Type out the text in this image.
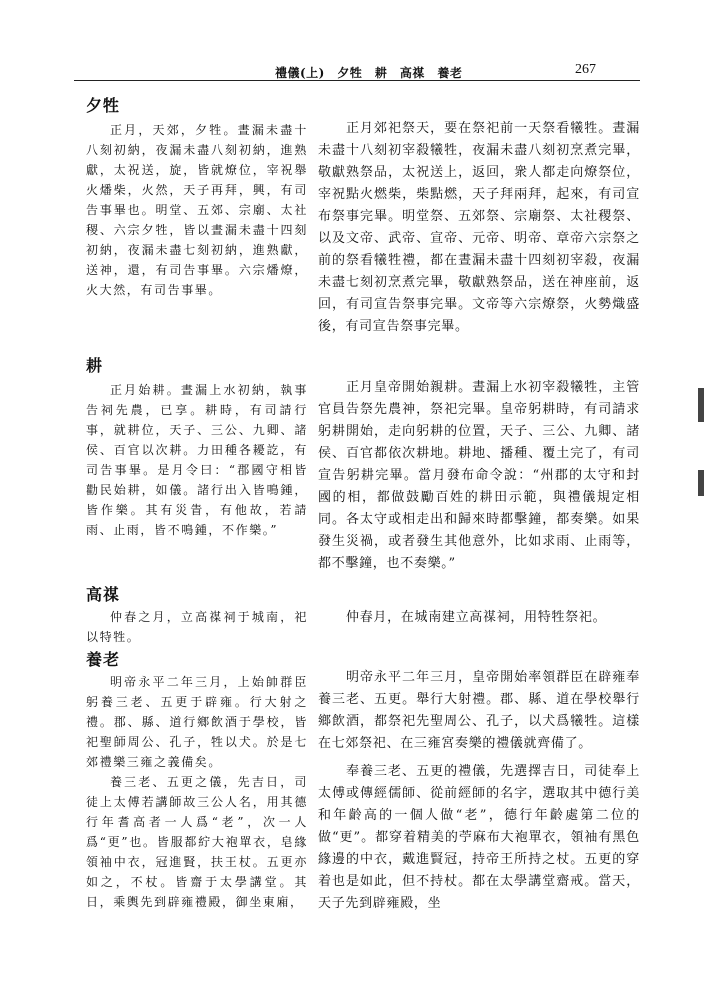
禮儀(上)　夕牲　耕　高禖　養老	267
夕牲

正月，天郊，夕牲。晝漏未盡十八刻初納，夜漏未盡八刻初納，進熟獻，太祝送，旋，皆就燎位，宰祝舉火燔柴，火然，天子再拜，興，有司告事畢也。明堂、五郊、宗廟、太社稷、六宗夕牲，皆以晝漏未盡十四刻初納，夜漏未盡七刻初納，進熟獻，送神，還，有司告事畢。六宗燔燎，火大然，有司告事畢。

耕

正月始耕。晝漏上水初納，執事告祠先農，已享。耕時，有司請行事，就耕位，天子、三公、九卿、諸侯、百官以次耕。力田種各耰訖，有司告事畢。是月令曰：“郡國守相皆勸民始耕，如儀。諸行出入皆鳴鍾，皆作樂。其有災眚，有他故，若請雨、止雨，皆不鳴鍾，不作樂。”

高禖

仲春之月，立高禖祠于城南，祀以特牲。

養老

明帝永平二年三月，上始帥群臣躬養三老、五更于辟雍。行大射之禮。郡、縣、道行鄉飲酒于學校，皆祀聖師周公、孔子，牲以犬。於是七郊禮樂三雍之義備矣。

養三老、五更之儀，先吉日，司徒上太傅若講師故三公人名，用其德行年耆高者一人爲“老”，次一人爲“更”也。皆服都紵大袍單衣，皂緣領袖中衣，冠進賢，扶王杖。五更亦如之，不杖。皆齋于太學講堂。其日，乘輿先到辟雍禮殿，御坐東廂，

正月郊祀祭天，要在祭祀前一天祭看犧牲。晝漏未盡十八刻初宰殺犧牲，夜漏未盡八刻初烹煮完畢，敬獻熟祭品，太祝送上，返回，衆人都走向燎祭位，宰祝點火燃柴，柴點燃，天子拜兩拜，起來，有司宣布祭事完畢。明堂祭、五郊祭、宗廟祭、太社稷祭、以及文帝、武帝、宣帝、元帝、明帝、章帝六宗祭之前的祭看犧牲禮，都在晝漏未盡十四刻初宰殺，夜漏未盡七刻初烹煮完畢，敬獻熟祭品，送在神座前，返回，有司宣告祭事完畢。文帝等六宗燎祭，火勢熾盛後，有司宣告祭事完畢。

正月皇帝開始親耕。晝漏上水初宰殺犧牲，主管官員告祭先農神，祭祀完畢。皇帝躬耕時，有司請求躬耕開始，走向躬耕的位置，天子、三公、九卿、諸侯、百官都依次耕地。耕地、播種、覆土完了，有司宣告躬耕完畢。當月發布命令說：“州郡的太守和封國的相，都做鼓勵百姓的耕田示範，與禮儀規定相同。各太守或相走出和歸來時都擊鐘，都奏樂。如果發生災禍，或者發生其他意外，比如求雨、止雨等，都不擊鐘，也不奏樂。”

仲春月，在城南建立高禖祠，用特牲祭祀。

明帝永平二年三月，皇帝開始率領群臣在辟雍奉養三老、五更。舉行大射禮。郡、縣、道在學校舉行鄉飲酒，都祭祀先聖周公、孔子，以犬爲犧牲。這樣在七郊祭祀、在三雍宮奏樂的禮儀就齊備了。

奉養三老、五更的禮儀，先選擇吉日，司徒奉上太傅或傳經儒師、從前經師的名字，選取其中德行美和年齡高的一個人做“老”，德行年齡處第二位的做“更”。都穿着精美的苧麻布大袍單衣，領袖有黑色緣邊的中衣，戴進賢冠，持帝王所持之杖。五更的穿着也是如此，但不持杖。都在太學講堂齋戒。當天，天子先到辟雍殿，坐
